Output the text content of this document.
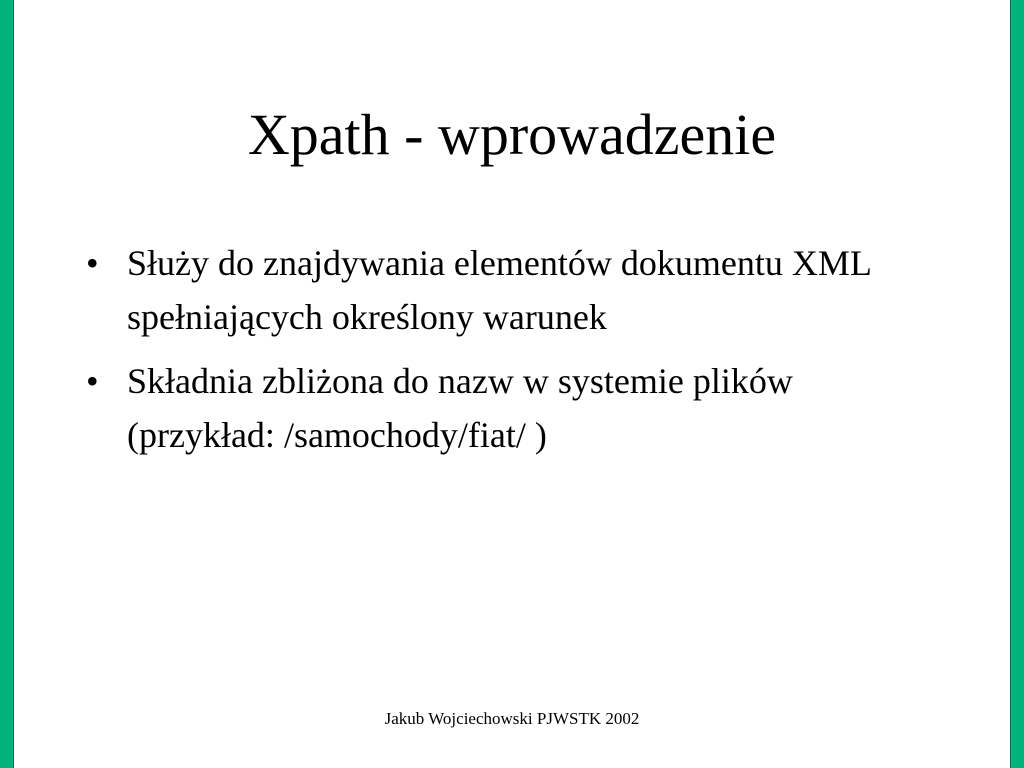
Xpath - wprowadzenie
• Służy do znajdywania elementów dokumentu XML spełniających określony warunek
• Składnia zbliżona do nazw w systemie plików (przykład: /samochody/fiat/ )
Jakub Wojciechowski PJWSTK 2002
